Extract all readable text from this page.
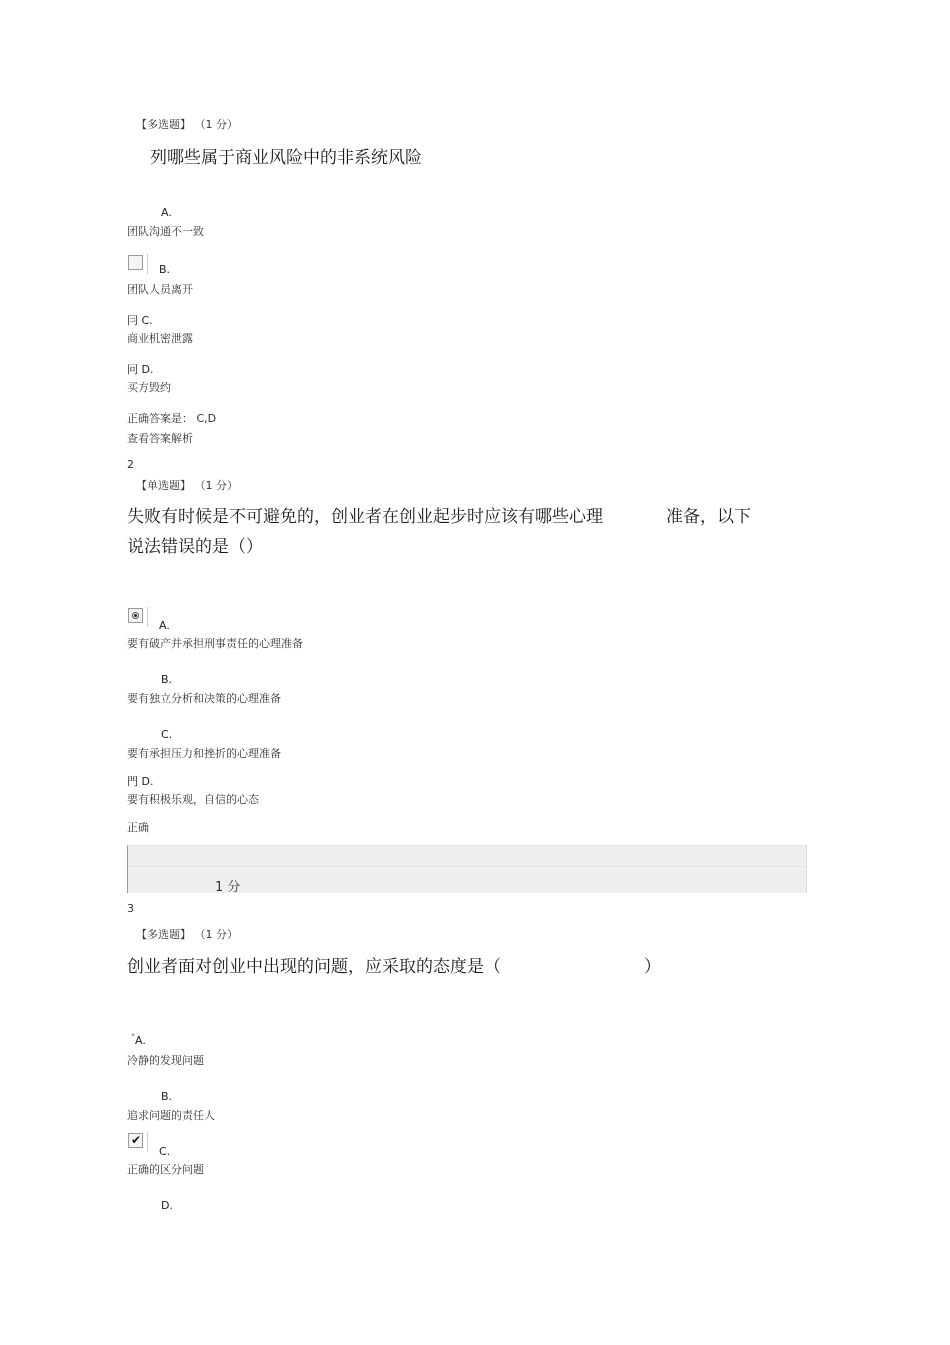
【多选题】 （1 分）
列哪些属于商业风险中的非系统风险
A.
团队沟通不一致
B.
团队人员离开
冃 C.
商业机密泄露
冋 D.
买方毁约
正确答案是： C,D
查看答案解析
2
【单选题】 （1 分）
失败有时候是不可避免的，创业者在创业起步时应该有哪些心理	准备，以下
说法错误的是（）
A.
要有破产并承担刑事责任的心理准备
B.
要有独立分析和决策的心理准备
C.
要有承担压力和挫折的心理准备
門 D.
要有积极乐观，自信的心态
正确
1 分
3
【多选题】 （1 分）
创业者面对创业中出现的问题，应采取的态度是（	）
" A.
冷静的发现问题
B.
追求问题的责任人
✔
C.
正确的区分问题
D.
